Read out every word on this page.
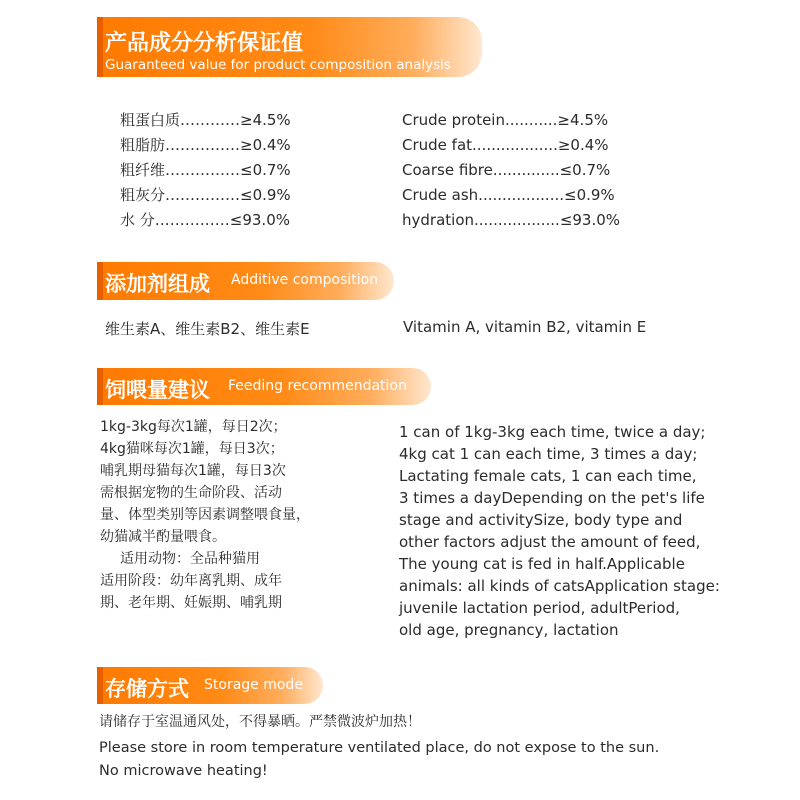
产品成分分析保证值
Guaranteed value for product composition analysis
粗蛋白质…………≥4.5%
粗脂肪……………≥0.4%
粗纤维……………≤0.7%
粗灰分……………≤0.9%
水 分……………≤93.0%
Crude protein...........≥4.5%
Crude fat..................≥0.4%
Coarse fibre..............≤0.7%
Crude ash..................≤0.9%
hydration..................≤93.0%
添加剂组成 Additive composition
维生素A、维生素B2、维生素E	Vitamin A, vitamin B2, vitamin E
饲喂量建议 Feeding recommendation
1kg-3kg每次1罐，每日2次；
4kg猫咪每次1罐，每日3次；
哺乳期母猫每次1罐，每日3次
需根据宠物的生命阶段、活动
量、体型类别等因素调整喂食量，
幼猫减半酌量喂食。
适用动物：全品种猫用
适用阶段：幼年离乳期、成年
期、老年期、妊娠期、哺乳期
1 can of 1kg-3kg each time, twice a day;
4kg cat 1 can each time, 3 times a day;
Lactating female cats, 1 can each time,
3 times a dayDepending on the pet's life
stage and activitySize, body type and
other factors adjust the amount of feed,
The young cat is fed in half.Applicable
animals: all kinds of catsApplication stage:
juvenile lactation period, adultPeriod,
old age, pregnancy, lactation
存储方式 Storage mode
请储存于室温通风处，不得暴晒。严禁微波炉加热！
Please store in room temperature ventilated place, do not expose to the sun.
No microwave heating!
